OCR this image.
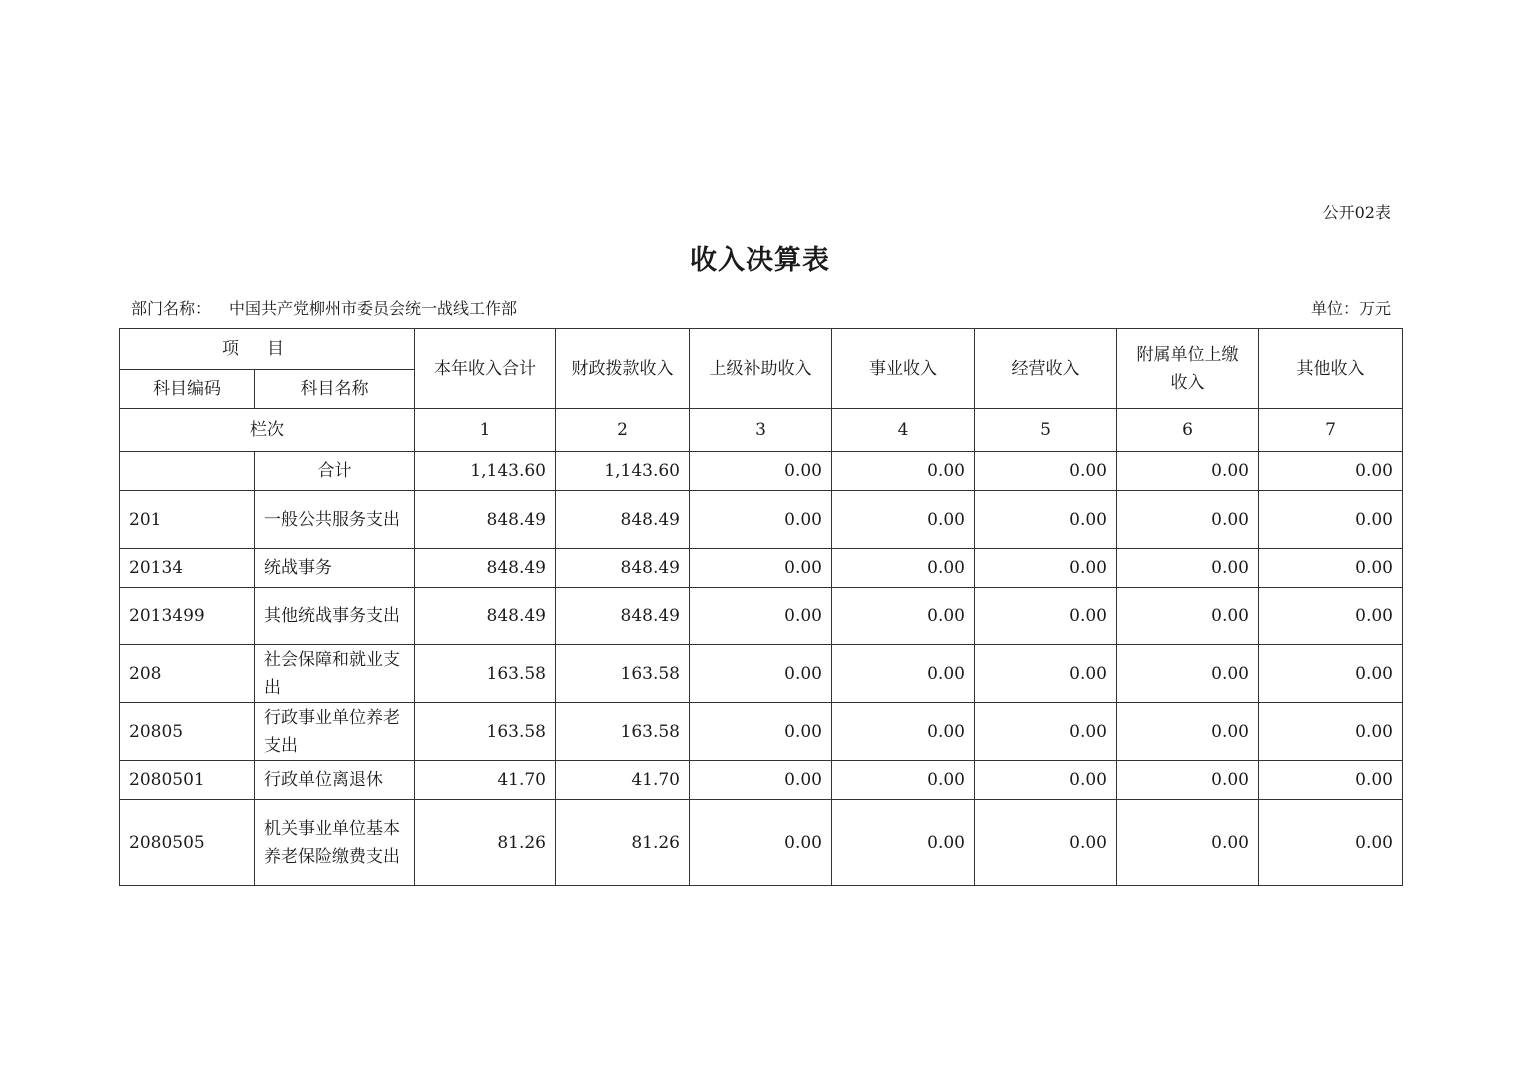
公开02表
收入决算表
部门名称： 中国共产党柳州市委员会统一战线工作部	单位：万元
项目		本年收入合计	财政拨款收入	上级补助收入	事业收入	经营收入	附属单位上缴收入	其他收入
科目编码	科目名称							
栏次		1	2	3	4	5	6	7
	合计	1,143.60	1,143.60	0.00	0.00	0.00	0.00	0.00
201	一般公共服务支出	848.49	848.49	0.00	0.00	0.00	0.00	0.00
20134	统战事务	848.49	848.49	0.00	0.00	0.00	0.00	0.00
2013499	其他统战事务支出	848.49	848.49	0.00	0.00	0.00	0.00	0.00
208	社会保障和就业支出	163.58	163.58	0.00	0.00	0.00	0.00	0.00
20805	行政事业单位养老支出	163.58	163.58	0.00	0.00	0.00	0.00	0.00
2080501	行政单位离退休	41.70	41.70	0.00	0.00	0.00	0.00	0.00
2080505	机关事业单位基本养老保险缴费支出	81.26	81.26	0.00	0.00	0.00	0.00	0.00
